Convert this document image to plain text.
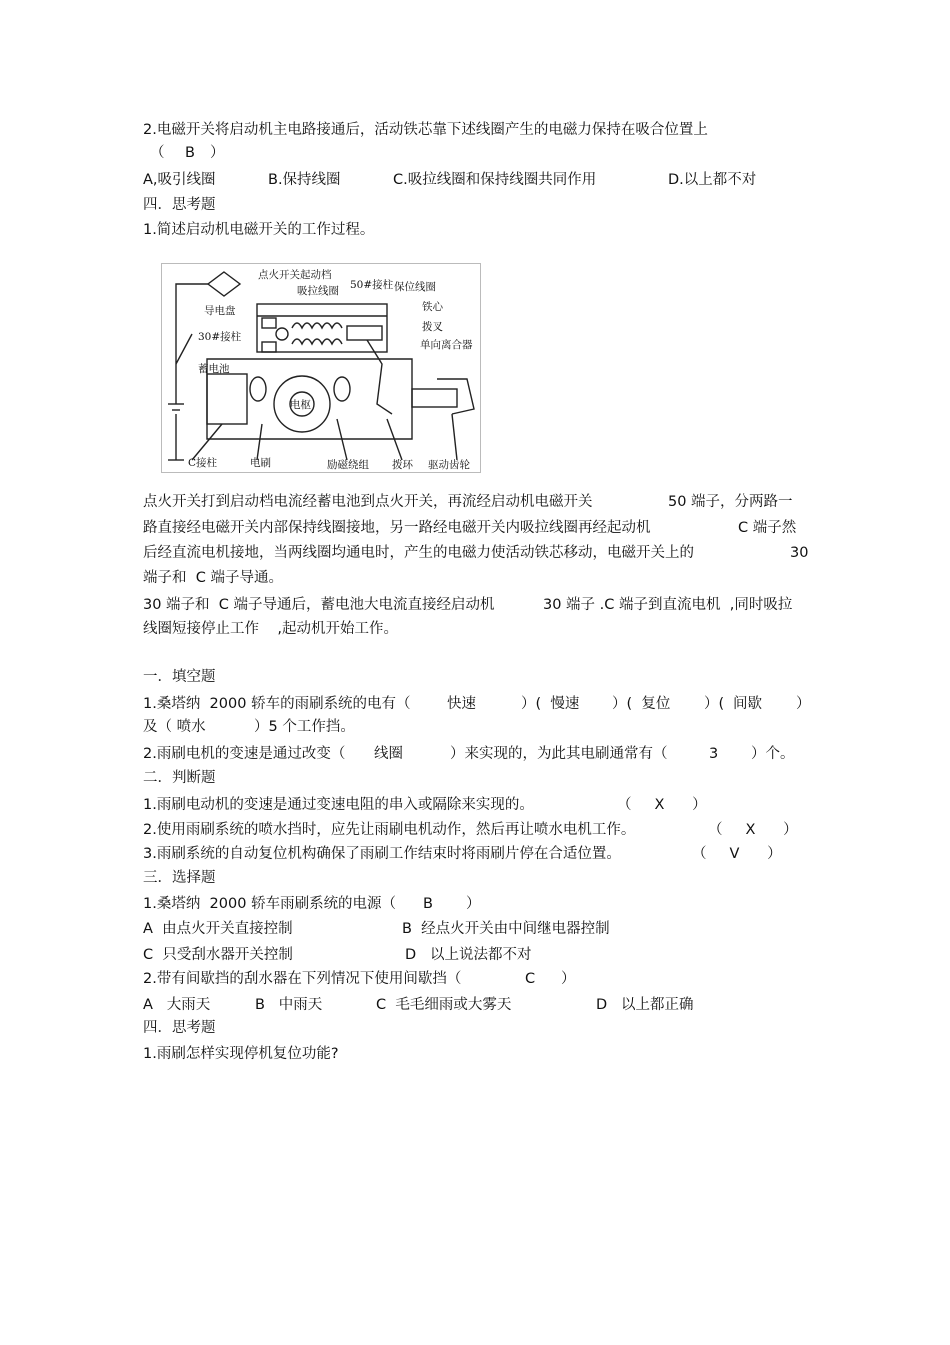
2.电磁开关将启动机主电路接通后，活动铁芯靠下述线圈产生的电磁力保持在吸合位置上
（ B ）
A,吸引线圈	B.保持线圈	C.吸拉线圈和保持线圈共同作用	D.以上都不对
四．思考题
1.简述启动机电磁开关的工作过程。
点火开关起动档
50#接柱
吸拉线圈	保位线圈
导电盘	铁心
30#接柱
拨叉
单向离合器
蓄电池
电枢
C接柱	电刷	励磁绕组 拨环 驱动齿轮
点火开关打到启动档电流经蓄电池到点火开关，再流经启动机电磁开关	50 端子，分两路一
路直接经电磁开关内部保持线圈接地，另一路经电磁开关内吸拉线圈再经起动机	C 端子然
后经直流电机接地，当两线圈均通电时，产生的电磁力使活动铁芯移动，电磁开关上的	30
端子和  C 端子导通。
30 端子和  C 端子导通后，蓄电池大电流直接经启动机	30 端子 .C 端子到直流电机  ,同时吸拉
线圈短接停止工作    ,起动机开始工作。
一．填空题
1.桑塔纳  2000 轿车的雨刷系统的电有（	快速	）(  慢速 ）(  复位 ）( 间歇 ）
及（ 喷水	）5 个工作挡。
2.雨刷电机的变速是通过改变（ 线圈	）来实现的，为此其电刷通常有（	3 ）个。
二．判断题
1.雨刷电动机的变速是通过变速电阻的串入或隔除来实现的。	（     X      ）
2.使用雨刷系统的喷水挡时，应先让雨刷电机动作，然后再让喷水电机工作。	（     X      ）
3.雨刷系统的自动复位机构确保了雨刷工作结束时将雨刷片停在合适位置。	（     V      ）
三．选择题
1.桑塔纳  2000 轿车雨刷系统的电源（ B ）
A  由点火开关直接控制	B  经点火开关由中间继电器控制
C  只受刮水器开关控制	D   以上说法都不对
2.带有间歇挡的刮水器在下列情况下使用间歇挡（	C ）
A   大雨天	B   中雨天	C  毛毛细雨或大雾天	D   以上都正确
四．思考题
1.雨刷怎样实现停机复位功能?
